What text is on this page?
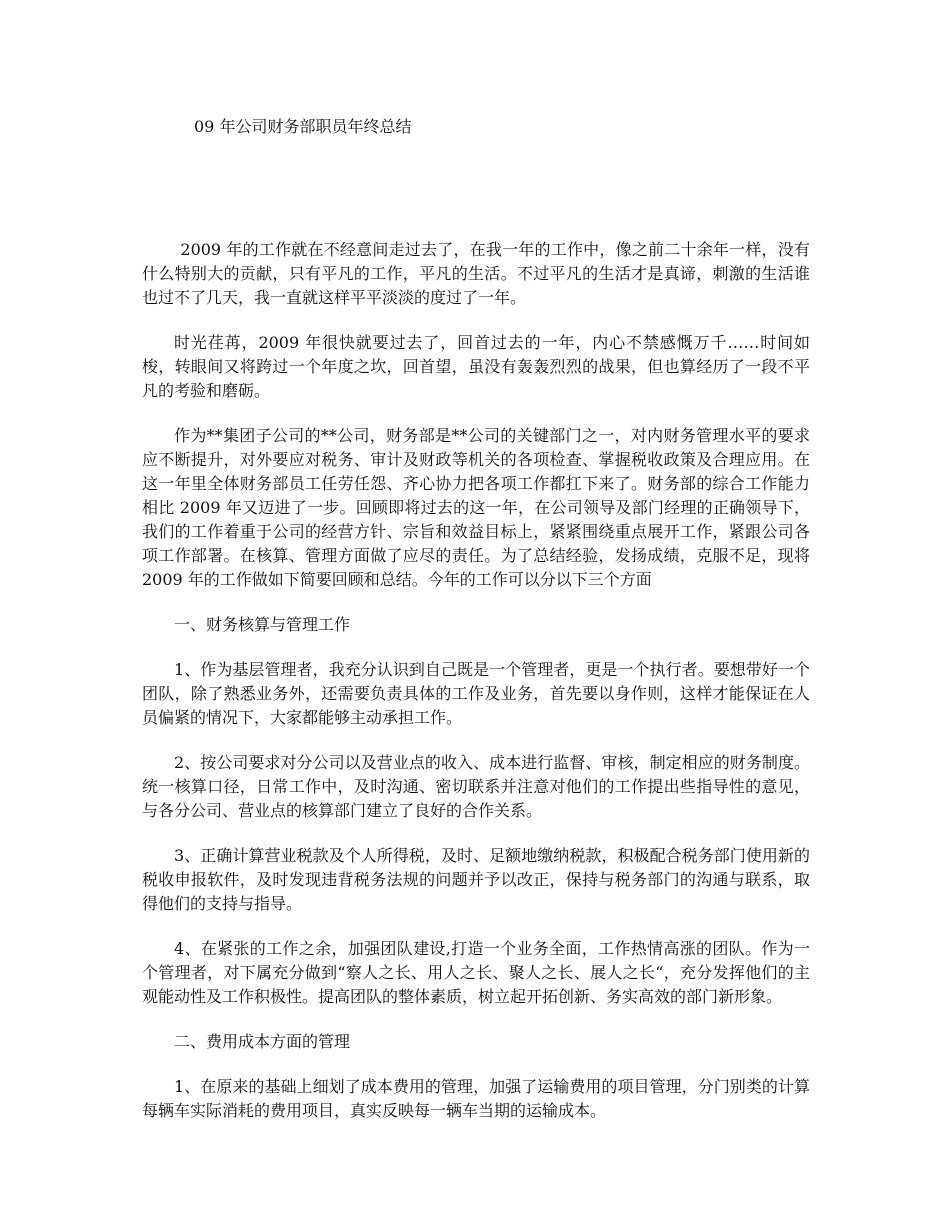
09 年公司财务部职员年终总结

2009 年的工作就在不经意间走过去了，在我一年的工作中，像之前二十余年一样，没有什么特别大的贡献，只有平凡的工作，平凡的生活。不过平凡的生活才是真谛，刺激的生活谁也过不了几天，我一直就这样平平淡淡的度过了一年。

时光荏苒，2009 年很快就要过去了，回首过去的一年，内心不禁感慨万千……时间如梭，转眼间又将跨过一个年度之坎，回首望，虽没有轰轰烈烈的战果，但也算经历了一段不平凡的考验和磨砺。

作为**集团子公司的**公司，财务部是**公司的关键部门之一，对内财务管理水平的要求应不断提升，对外要应对税务、审计及财政等机关的各项检查、掌握税收政策及合理应用。在这一年里全体财务部员工任劳任怨、齐心协力把各项工作都扛下来了。财务部的综合工作能力相比 2009 年又迈进了一步。回顾即将过去的这一年，在公司领导及部门经理的正确领导下，我们的工作着重于公司的经营方针、宗旨和效益目标上，紧紧围绕重点展开工作，紧跟公司各项工作部署。在核算、管理方面做了应尽的责任。为了总结经验，发扬成绩，克服不足，现将 2009 年的工作做如下简要回顾和总结。今年的工作可以分以下三个方面

一、财务核算与管理工作

1、作为基层管理者，我充分认识到自己既是一个管理者，更是一个执行者。要想带好一个团队，除了熟悉业务外，还需要负责具体的工作及业务，首先要以身作则，这样才能保证在人员偏紧的情况下，大家都能够主动承担工作。

2、按公司要求对分公司以及营业点的收入、成本进行监督、审核，制定相应的财务制度。统一核算口径，日常工作中，及时沟通、密切联系并注意对他们的工作提出些指导性的意见，与各分公司、营业点的核算部门建立了良好的合作关系。

3、正确计算营业税款及个人所得税，及时、足额地缴纳税款，积极配合税务部门使用新的税收申报软件，及时发现违背税务法规的问题并予以改正，保持与税务部门的沟通与联系，取得他们的支持与指导。

4、在紧张的工作之余，加强团队建设,打造一个业务全面，工作热情高涨的团队。作为一个管理者，对下属充分做到“察人之长、用人之长、聚人之长、展人之长“，充分发挥他们的主观能动性及工作积极性。提高团队的整体素质，树立起开拓创新、务实高效的部门新形象。

二、费用成本方面的管理

1、在原来的基础上细划了成本费用的管理，加强了运输费用的项目管理，分门别类的计算每辆车实际消耗的费用项目，真实反映每一辆车当期的运输成本。
